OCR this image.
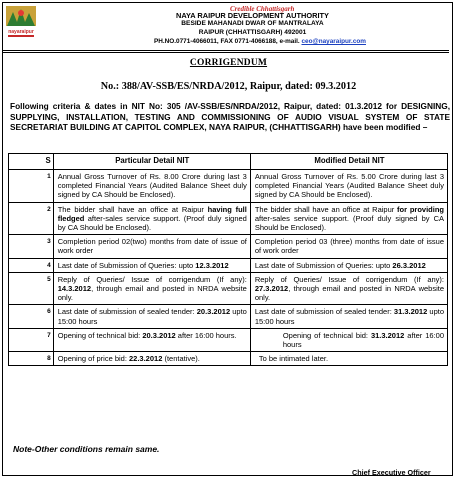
nayaraipur
Credible Chhattisgarh
NAYA RAIPUR DEVELOPMENT AUTHORITY
BESIDE MAHANADI DWAR OF MANTRALAYA
RAIPUR (CHHATTISGARH) 492001
PH.NO.0771-4066011, FAX 0771-4066188, e-mail. ceo@nayaraipur.com
CORRIGENDUM
No.: 388/AV-SSB/ES/NRDA/2012, Raipur, dated: 09.3.2012
Following criteria & dates in NIT No: 305 /AV-SSB/ES/NRDA/2012, Raipur, dated: 01.3.2012 for DESIGNING, SUPPLYING, INSTALLATION, TESTING AND COMMISSIONING OF AUDIO VISUAL SYSTEM OF STATE SECRETARIAT BUILDING AT CAPITOL COMPLEX, NAYA RAIPUR, (CHHATTISGARH) have been modified –
S	Particular Detail NIT	Modified Detail NIT
1	Annual Gross Turnover of Rs. 8.00 Crore during last 3 completed Financial Years (Audited Balance Sheet duly signed by CA Should be Enclosed).	Annual Gross Turnover of Rs. 5.00 Crore during last 3 completed Financial Years (Audited Balance Sheet duly signed by CA Should be Enclosed).
2	The bidder shall have an office at Raipur having full fledged after-sales service support. (Proof duly signed by CA Should be Enclosed).	The bidder shall have an office at Raipur for providing after-sales service support. (Proof duly signed by CA Should be Enclosed).
3	Completion period 02(two) months from date of issue of work order	Completion period 03 (three) months from date of issue of work order
4	Last date of Submission of Queries: upto 12.3.2012	Last date of Submission of Queries: upto 26.3.2012
5	Reply of Queries/ Issue of corrigendum (If any): 14.3.2012, through email and posted in NRDA website only.	Reply of Queries/ Issue of corrigendum (If any): 27.3.2012, through email and posted in NRDA website only.
6	Last date of submission of sealed tender: 20.3.2012 upto 15:00 hours	Last date of submission of sealed tender: 31.3.2012 upto 15:00 hours
7	Opening of technical bid: 20.3.2012 after 16:00 hours.	Opening of technical bid: 31.3.2012 after 16:00 hours
8	Opening of price bid: 22.3.2012 (tentative).	To be intimated later.
Note-Other conditions remain same.
Chief Executive Officer
